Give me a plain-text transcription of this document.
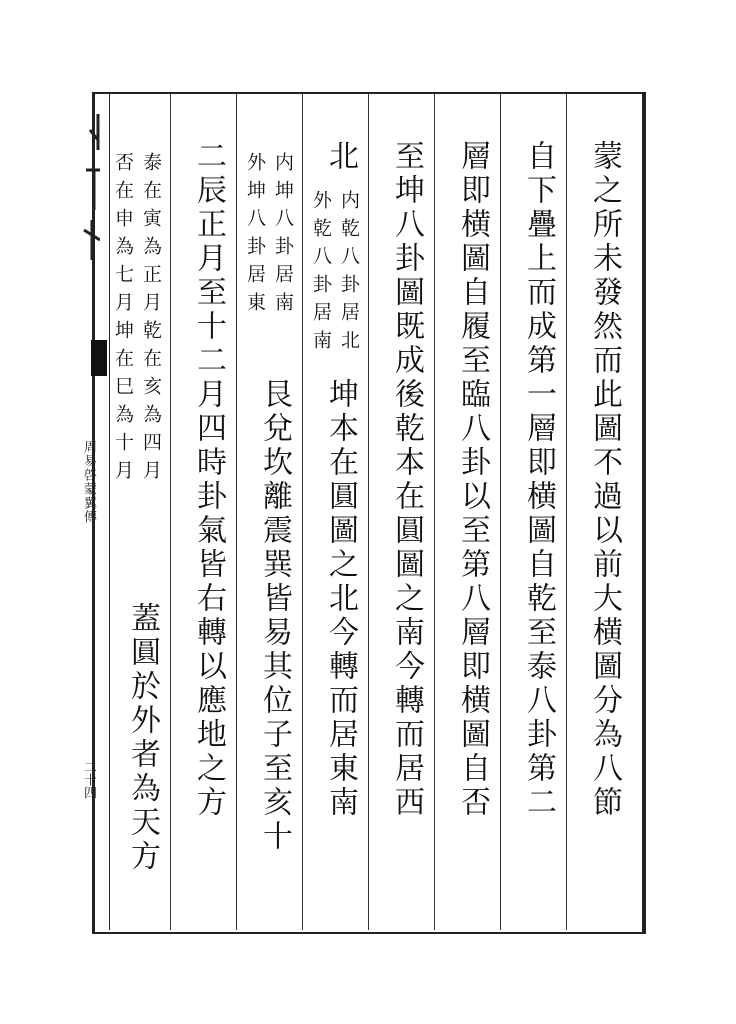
周易啓蒙翼傳
二十四	蒙之所未發然而此圖不過以前大横圖分為八節
自下疊上而成第一層即横圖自乾至泰八卦第二
層即横圖自履至臨八卦以至第八層即横圖自否
至坤八卦圖既成後乾本在圓圖之南今轉而居西
北
内乾八卦居北
外乾八卦居南
坤本在圓圖之北今轉而居東南
内坤八卦居南
外坤八卦居東
艮兌坎離震巽皆易其位子至亥十
二辰正月至十二月四時卦氣皆右轉以應地之方
泰在寅為正月乾在亥為四月
否在申為七月坤在巳為十月
蓋圓於外者為天方
